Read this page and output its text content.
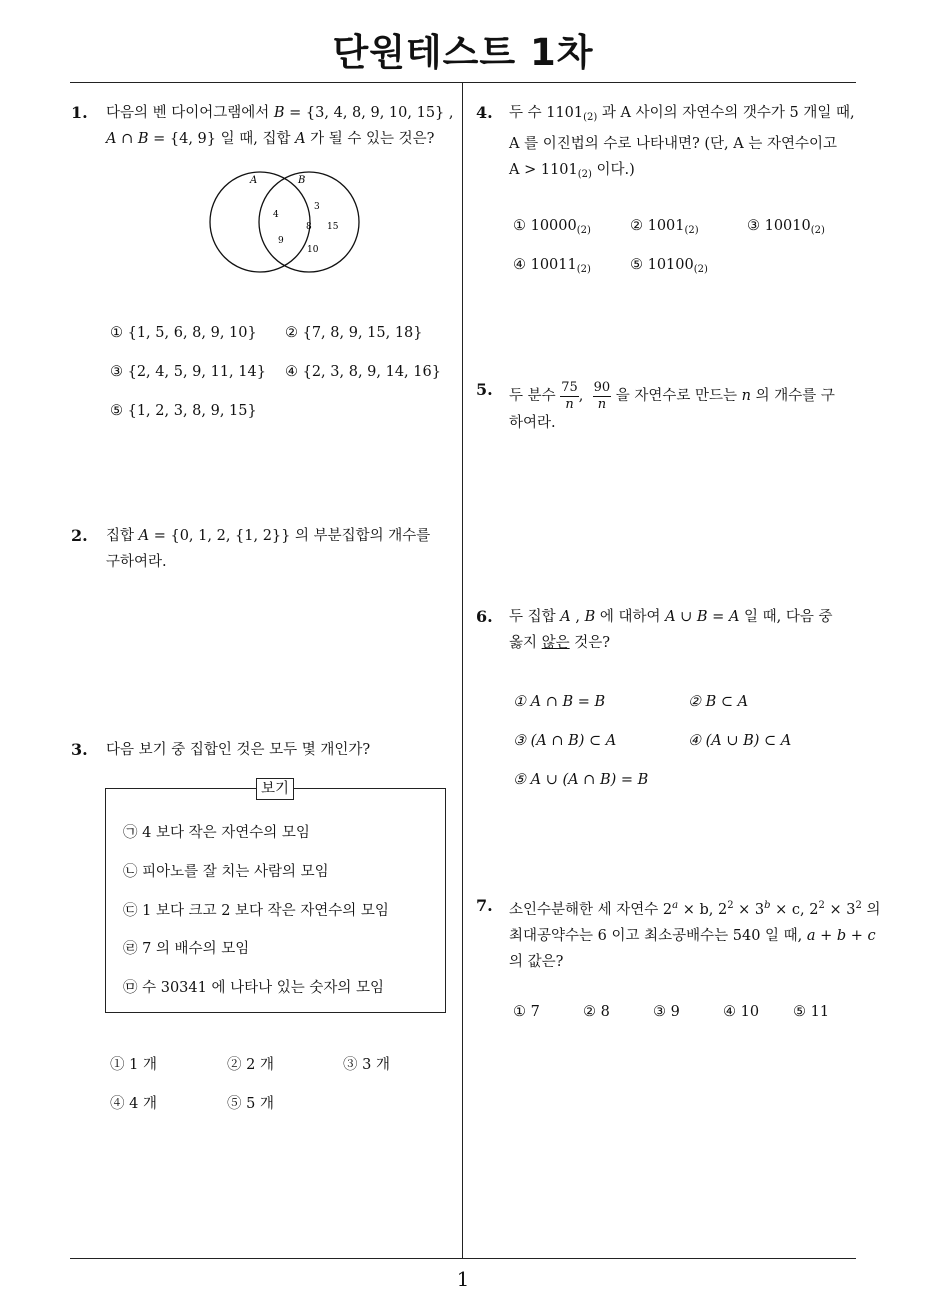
단원테스트 1차
1
1. 다음의 벤 다이어그램에서 B = {3, 4, 8, 9, 10, 15} ,
A ∩ B = {4, 9} 일 때, 집합 A 가 될 수 있는 것은?
A	B
4
9
3
8 15
10
① {1, 5, 6, 8, 9, 10} ② {7, 8, 9, 15, 18}
③ {2, 4, 5, 9, 11, 14} ④ {2, 3, 8, 9, 14, 16}
⑤ {1, 2, 3, 8, 9, 15}
2. 집합 A = {0, 1, 2, {1, 2}} 의 부분집합의 개수를
구하여라.
3. 다음 보기 중 집합인 것은 모두 몇 개인가?
보기
㉠ 4 보다 작은 자연수의 모임
㉡ 피아노를 잘 치는 사람의 모임
㉢ 1 보다 크고 2 보다 작은 자연수의 모임
㉣ 7 의 배수의 모임
㉤ 수 30341 에 나타나 있는 숫자의 모임
① 1 개	② 2 개	③ 3 개
④ 4 개	⑤ 5 개
4. 두 수 $1101_{(2)}$ 과 A 사이의 자연수의 갯수가 5 개일 때,
A 를 이진법의 수로 나타내면? (단, A 는 자연수이고
$A > 1101_{(2)}$ 이다.)
① $10000_{(2)}$	② $1001_{(2)}$	③ $10010_{(2)}$
④ $10011_{(2)}$	⑤ $10100_{(2)}$
5. 두 분수 $\frac{75}{n}$ , $\frac{90}{n}$ 을 자연수로 만드는 n 의 개수를 구
하여라.
6. 두 집합 A , B 에 대하여 A ∪ B = A 일 때, 다음 중
옳지 않은 것은?
① A ∩ B = B	② B ⊂ A
③ (A ∩ B) ⊂ A	④ (A ∪ B) ⊂ A
⑤ A ∪ (A ∩ B) = B
7. 소인수분해한 세 자연수 $2^a \times b$, $2^2 \times 3^b \times c$, $2^2 \times 3^2$ 의
최대공약수는 6 이고 최소공배수는 540 일 때, a + b + c
의 값은?
① 7	② 8	③ 9	④ 10 ⑤ 11
